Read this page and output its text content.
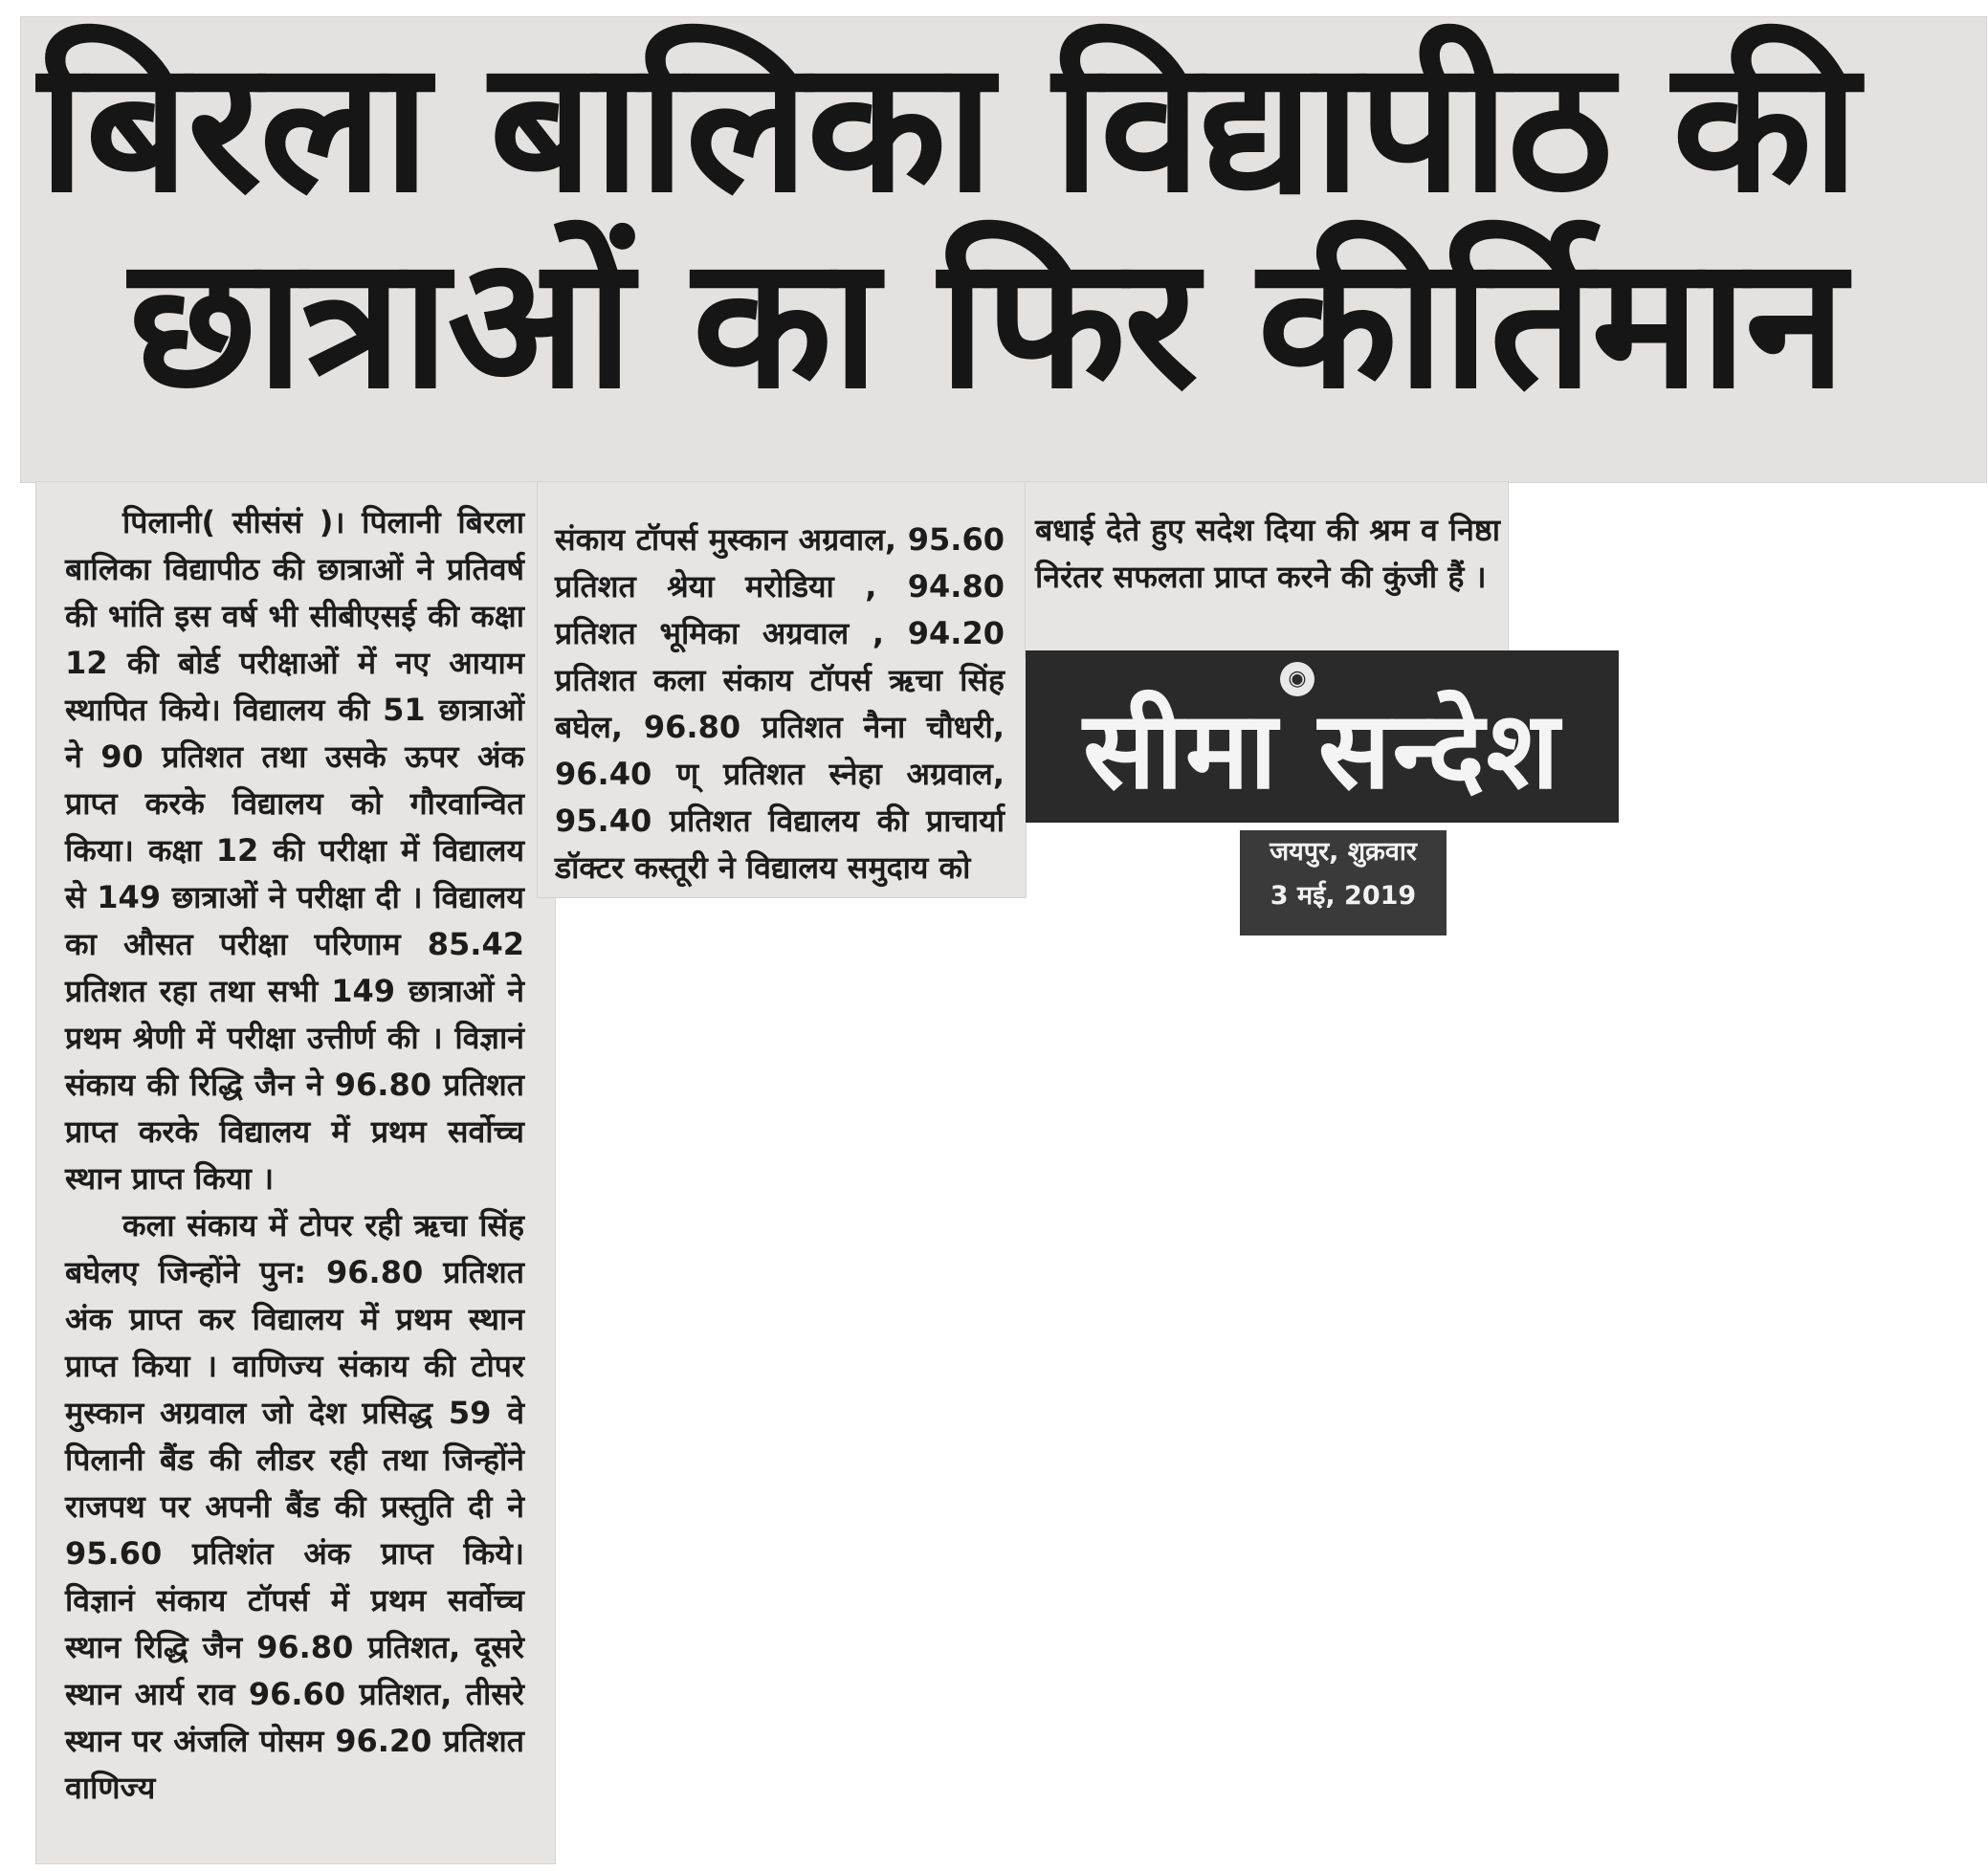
बिरला बालिका विद्यापीठ की
छात्राओं का फिर कीर्तिमान

पिलानी( सीसंसं )। पिलानी बिरला बालिका विद्यापीठ की छात्राओं ने प्रतिवर्ष की भांति इस वर्ष भी सीबीएसई की कक्षा 12 की बोर्ड परीक्षाओं में नए आयाम स्थापित किये। विद्यालय की 51 छात्राओं ने 90 प्रतिशत तथा उसके ऊपर अंक प्राप्त करके विद्यालय को गौरवान्वित किया। कक्षा 12 की परीक्षा में विद्यालय से 149 छात्राओं ने परीक्षा दी । विद्यालय का औसत परीक्षा परिणाम 85.42 प्रतिशत रहा तथा सभी 149 छात्राओं ने प्रथम श्रेणी में परीक्षा उत्तीर्ण की । विज्ञानं संकाय की रिद्धि जैन ने 96.80 प्रतिशत प्राप्त करके विद्यालय में प्रथम सर्वोच्च स्थान प्राप्त किया ।

कला संकाय में टोपर रही ऋचा सिंह बघेलए जिन्होंने पुन: 96.80 प्रतिशत अंक प्राप्त कर विद्यालय में प्रथम स्थान प्राप्त किया । वाणिज्य संकाय की टोपर मुस्कान अग्रवाल जो देश प्रसिद्ध 59 वे पिलानी बैंड की लीडर रही तथा जिन्होंने राजपथ पर अपनी बैंड की प्रस्तुति दी ने 95.60 प्रतिशंत अंक प्राप्त किये। विज्ञानं संकाय टॉपर्स में प्रथम सर्वोच्च स्थान रिद्धि जैन 96.80 प्रतिशत, दूसरे स्थान आर्य राव 96.60 प्रतिशत, तीसरे स्थान पर अंजलि पोसम 96.20 प्रतिशत वाणिज्य

संकाय टॉपर्स मुस्कान अग्रवाल, 95.60 प्रतिशत श्रेया मरोडिया , 94.80 प्रतिशत भूमिका अग्रवाल , 94.20 प्रतिशत कला संकाय टॉपर्स ऋचा सिंह बघेल, 96.80 प्रतिशत नैना चौधरी, 96.40 ण् प्रतिशत स्नेहा अग्रवाल, 95.40 प्रतिशत विद्यालय की प्राचार्या डॉक्टर कस्तूरी ने विद्यालय समुदाय को

बधाई देते हुए सदेश दिया की श्रम व निष्ठा निरंतर सफलता प्राप्त करने की कुंजी हैं ।

◉
सीमा सन्देश
जयपुर, शुक्रवार
3 मई, 2019
